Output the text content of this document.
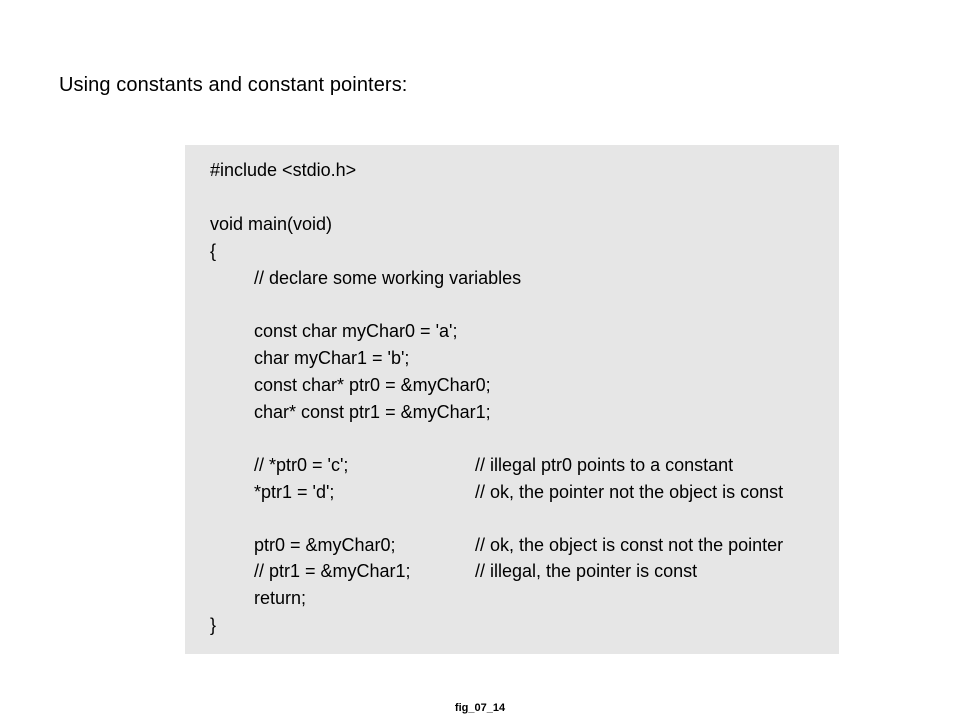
Using constants and constant pointers:
#include <stdio.h>
void main(void)
{
// declare some working variables
const char myChar0 = 'a';
char myChar1 = 'b';
const char* ptr0 = &myChar0;
char* const ptr1 = &myChar1;
// *ptr0 = 'c';	// illegal ptr0 points to a constant
*ptr1 = 'd';	// ok, the pointer not the object is const
ptr0 = &myChar0;	// ok, the object is const not the pointer
// ptr1 = &myChar1;	// illegal, the pointer is const
return;
}
fig_07_14
